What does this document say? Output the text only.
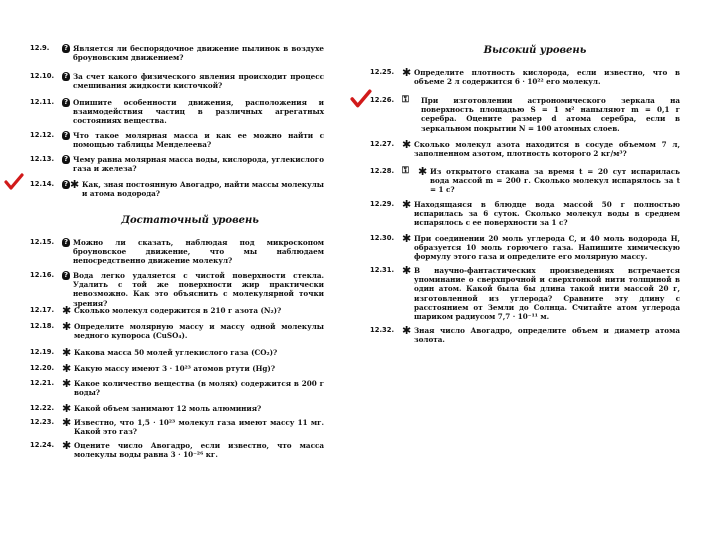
12.9.	? Является ли беспорядочное движение пылинок в воздухе броуновским движением?
12.10.	? За счет какого физического явления происходит процесс смешивания жидкости кисточкой?
12.11.	? Опишите особенности движения, расположения и взаимодействия частиц в различных агрегатных состояниях вещества.
12.12.	? Что такое молярная масса и как ее можно найти с помощью таблицы Менделеева?
12.13.	? Чему равна молярная масса воды, кислорода, углекислого газа и железа?
12.14.	? ✱ Как, зная постоянную Авогадро, найти массы молекулы и атома водорода?
Достаточный уровень
12.15.	? Можно ли сказать, наблюдая под микроскопом броуновское движение, что мы наблюдаем непосредственно движение молекул?
12.16.	? Вода легко удаляется с чистой поверхности стекла. Удалить с той же поверхности жир практически невозможно. Как это объяснить с молекулярной точки зрения?
12.17. ✱ Сколько молекул содержится в 210 г азота (N₂)?
12.18. ✱ Определите молярную массу и массу одной молекулы медного купороса (CuSO₄).
12.19. ✱ Какова масса 50 молей углекислого газа (CO₂)?
12.20. ✱ Какую массу имеют 3 · 10²³ атомов ртути (Hg)?
12.21. ✱ Какое количество вещества (в молях) содержится в 200 г воды?
12.22. ✱ Какой объем занимают 12 моль алюминия?
12.23. ✱ Известно, что 1,5 · 10²³ молекул газа имеют массу 11 мг. Какой это газ?
12.24. ✱ Оцените число Авогадро, если известно, что масса молекулы воды равна 3 · 10⁻²⁶ кг.
Высокий уровень
12.25. ✱ Определите плотность кислорода, если известно, что в объеме 2 л содержится 6 · 10²² его молекул.
12.26. ⚿	При изготовлении астрономического зеркала на поверхность площадью S = 1 м² напыляют m = 0,1 г серебра. Оцените размер d атома серебра, если в зеркальном покрытии N = 100 атомных слоев.
12.27. ✱ Сколько молекул азота находится в сосуде объемом 7 л, заполненном азотом, плотность которого 2 кг/м³?
12.28. ⚿ ✱ Из открытого стакана за время t = 20 сут испарилась вода массой m = 200 г. Сколько молекул испарялось за t = 1 с?
12.29. ✱ Находящаяся в блюдце вода массой 50 г полностью испарилась за 6 суток. Сколько молекул воды в среднем испарялось с ее поверхности за 1 с?
12.30. ✱ При соединении 20 моль углерода C, и 40 моль водорода H, образуется 10 моль горючего газа. Напишите химическую формулу этого газа и определите его молярную массу.
12.31. ✱ В научно-фантастических произведениях встречается упоминание о сверхпрочной и сверхтонкой нити толщиной в один атом. Какой была бы длина такой нити массой 20 г, изготовленной из углерода? Сравните эту длину с расстоянием от Земли до Солнца. Считайте атом углерода шариком радиусом 7,7 · 10⁻¹¹ м.
12.32. ✱ Зная число Авогадро, определите объем и диаметр атома золота.
